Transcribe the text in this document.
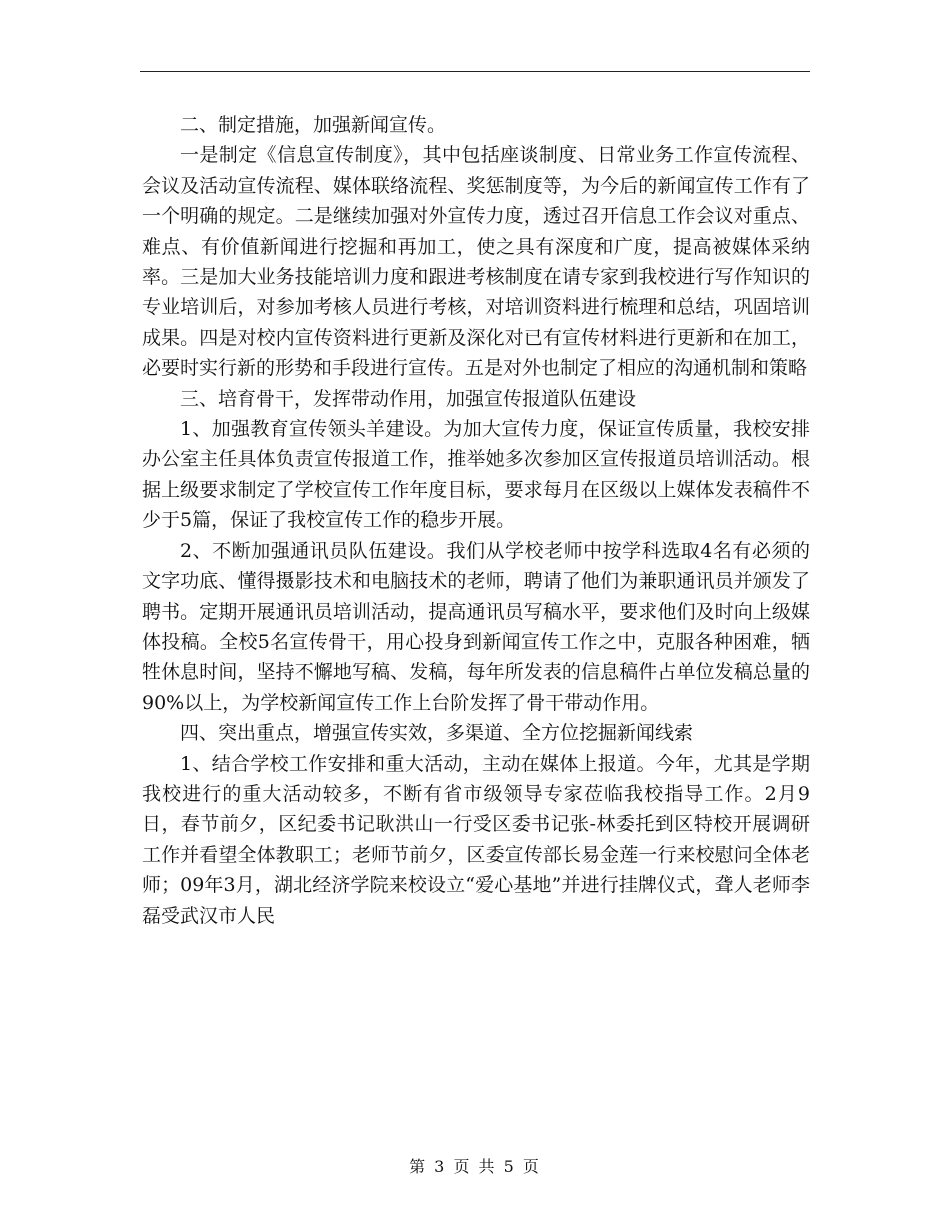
二、制定措施，加强新闻宣传。

一是制定《信息宣传制度》，其中包括座谈制度、日常业务工作宣传流程、会议及活动宣传流程、媒体联络流程、奖惩制度等，为今后的新闻宣传工作有了一个明确的规定。二是继续加强对外宣传力度，透过召开信息工作会议对重点、难点、有价值新闻进行挖掘和再加工，使之具有深度和广度，提高被媒体采纳率。三是加大业务技能培训力度和跟进考核制度在请专家到我校进行写作知识的专业培训后，对参加考核人员进行考核，对培训资料进行梳理和总结，巩固培训成果。四是对校内宣传资料进行更新及深化对已有宣传材料进行更新和在加工，必要时实行新的形势和手段进行宣传。五是对外也制定了相应的沟通机制和策略

三、培育骨干，发挥带动作用，加强宣传报道队伍建设

1、加强教育宣传领头羊建设。为加大宣传力度，保证宣传质量，我校安排办公室主任具体负责宣传报道工作，推举她多次参加区宣传报道员培训活动。根据上级要求制定了学校宣传工作年度目标，要求每月在区级以上媒体发表稿件不少于5篇，保证了我校宣传工作的稳步开展。

2、不断加强通讯员队伍建设。我们从学校老师中按学科选取4名有必须的文字功底、懂得摄影技术和电脑技术的老师，聘请了他们为兼职通讯员并颁发了聘书。定期开展通讯员培训活动，提高通讯员写稿水平，要求他们及时向上级媒体投稿。全校5名宣传骨干，用心投身到新闻宣传工作之中，克服各种困难，牺牲休息时间，坚持不懈地写稿、发稿，每年所发表的信息稿件占单位发稿总量的90%以上，为学校新闻宣传工作上台阶发挥了骨干带动作用。

四、突出重点，增强宣传实效，多渠道、全方位挖掘新闻线索

1、结合学校工作安排和重大活动，主动在媒体上报道。今年，尤其是学期我校进行的重大活动较多，不断有省市级领导专家莅临我校指导工作。2月9日，春节前夕，区纪委书记耿洪山一行受区委书记张-林委托到区特校开展调研工作并看望全体教职工；老师节前夕，区委宣传部长易金莲一行来校慰问全体老师；09年3月，湖北经济学院来校设立“爱心基地”并进行挂牌仪式，聋人老师李磊受武汉市人民

第 3 页 共 5 页
